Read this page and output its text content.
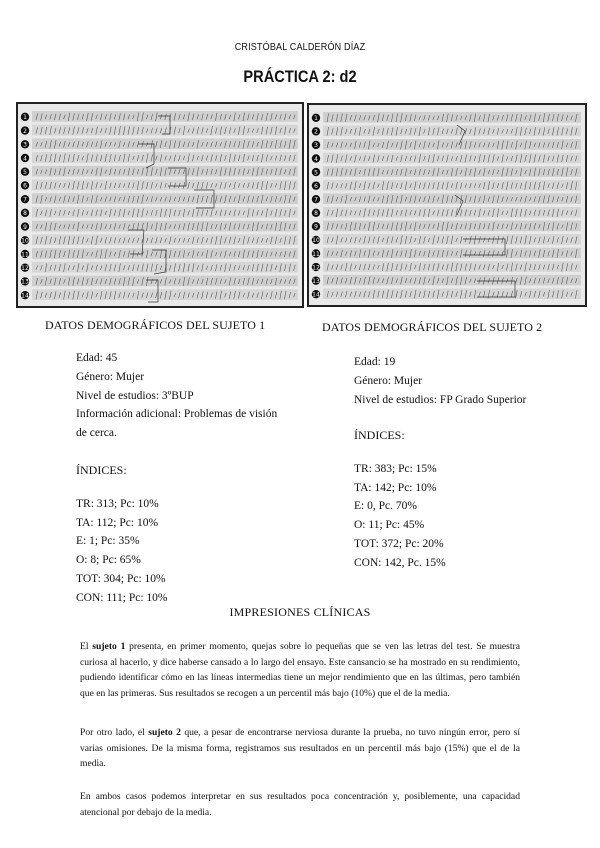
CRISTÓBAL CALDERÓN DÍAZ
PRÁCTICA 2: d2
1
2
3
4
5
6
7
8
9
10
11
12
13
14
1
2
3
4
5
6
7
8
9
10
11
12
13
14
DATOS DEMOGRÁFICOS DEL SUJETO 1	DATOS DEMOGRÁFICOS DEL SUJETO 2
Edad: 45
Género: Mujer
Nivel de estudios: 3ºBUP
Información adicional: Problemas de visión de cerca.
Edad: 19
Género: Mujer
Nivel de estudios: FP Grado Superior
ÍNDICES:
ÍNDICES:
TR: 313; Pc: 10%
TA: 112; Pc: 10%
E: 1; Pc: 35%
O: 8; Pc: 65%
TOT: 304; Pc: 10%
CON: 111; Pc: 10%
TR: 383; Pc: 15%
TA: 142; Pc: 10%
E: 0, Pc. 70%
O: 11; Pc: 45%
TOT: 372; Pc: 20%
CON: 142, Pc. 15%
IMPRESIONES CLÍNICAS

El sujeto 1 presenta, en primer momento, quejas sobre lo pequeñas que se ven las letras del test. Se muestra curiosa al hacerlo, y dice haberse cansado a lo largo del ensayo. Este cansancio se ha mostrado en su rendimiento, pudiendo identificar cómo en las líneas intermedias tiene un mejor rendimiento que en las últimas, pero también que en las primeras. Sus resultados se recogen a un percentil más bajo (10%) que el de la media.

Por otro lado, el sujeto 2 que, a pesar de encontrarse nerviosa durante la prueba, no tuvo ningún error, pero sí varias omisiones. De la misma forma, registramos sus resultados en un percentil más bajo (15%) que el de la media.

En ambos casos podemos interpretar en sus resultados poca concentración y, posiblemente, una capacidad atencional por debajo de la media.
